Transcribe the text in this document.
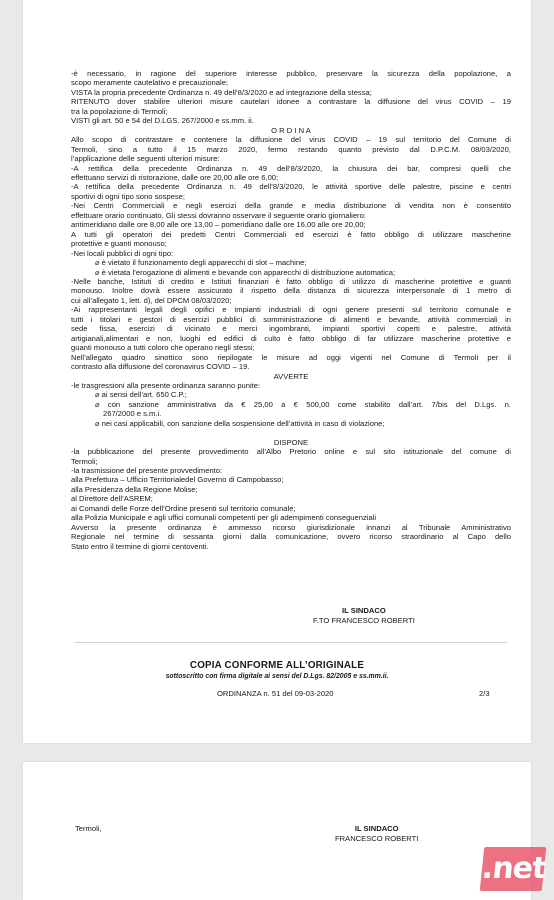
-è necessario, in ragione del superiore interesse pubblico, preservare la sicurezza della popolazione, a
scopo meramente cautelativo e precauzionale;
VISTA la propria precedente Ordinanza n. 49 dell’8/3/2020 e ad integrazione della stessa;
RITENUTO dover stabilire ulteriori misure cautelari idonee a contrastare la diffusione del virus COVID – 19
tra la popolazione di Termoli;
VISTI gli art. 50 e 54 del D.LGS. 267/2000 e ss.mm. ii.
O R D I N A
Allo scopo di contrastare e contenere la diffusione del virus COVID – 19 sul territorio del Comune di
Termoli, sino a tutto il 15 marzo 2020, fermo restando quanto previsto dal D.P.C.M. 08/03/2020,
l’applicazione delle seguenti ulteriori misure:
-A rettifica della precedente Ordinanza n. 49 dell’8/3/2020, la chiusura dei bar, compresi quelli che
effettuano servizi di ristorazione, dalle ore 20,00 alle ore 6,00;
-A rettifica della precedente Ordinanza n. 49 dell’8/3/2020, le attività sportive delle palestre, piscine e centri
sportivi di ogni tipo sono sospese;
-Nei Centri Commerciali e negli esercizi della grande e media distribuzione di vendita non è consentito
effettuare orario continuato. Gli stessi dovranno osservare il seguente orario giornaliero:
antimeridiano dalle ore 8,00 alle ore 13,00 – pomeridiano dalle ore 16,00 alle ore 20,00;
A tutti gli operatori dei predetti Centri Commerciali ed esercizi è fatto obbligo di utilizzare mascherine
protettive e guanti monouso;
-Nei locali pubblici di ogni tipo:
⌀ è vietato il funzionamento degli apparecchi di slot – machine;
⌀ è vietata l’erogazione di alimenti e bevande con apparecchi di distribuzione automatica;
-Nelle banche, Istituti di credito e Istituti finanziari è fatto obbligo di utilizzo di mascherine protettive e guanti
monouso. Inoltre dovrà essere assicurato il rispetto della distanza di sicurezza interpersonale di 1 metro di
cui all’allegato 1, lett. d), del DPCM 08/03/2020;
-Ai rappresentanti legali degli opifici e impianti industriali di ogni genere presenti sul territorio comunale e
tutti i titolari e gestori di esercizi pubblici di somministrazione di alimenti e bevande, attività commerciali in
sede fissa, esercizi di vicinato e merci ingombranti, impianti sportivi coperti e palestre, attività
artigianali,alimentari e non, luoghi ed edifici di culto è fatto obbligo di far utilizzare mascherine protettive e
guanti monouso a tutti coloro che operano negli stessi;
Nell’allegato quadro sinottico sono riepilogate le misure ad oggi vigenti nel Comune di Termoli per il
contrasto alla diffusione del coronavirus COVID – 19.
AVVERTE
-le trasgressioni alla presente ordinanza saranno punite:
⌀ ai sensi dell’art. 650 C.P.;
⌀ con sanzione amministrativa da € 25,00 a € 500,00 come stabilito dall’art. 7/bis del D.Lgs. n.
267/2000 e s.m.i.
⌀ nei casi applicabili, con sanzione della sospensione dell’attività in caso di violazione;

DISPONE
-la pubblicazione del presente provvedimento all’Albo Pretorio online e sul sito istituzionale del comune di
Termoli;
-la trasmissione del presente provvedimento:
alla Prefettura – Ufficio Territorialedel Governo di Campobasso;
alla Presidenza della Regione Molise;
al Direttore dell’ASREM;
ai Comandi delle Forze dell’Ordine presenti sul territorio comunale;
alla Polizia Municipale e agli uffici comunali competenti per gli adempimenti conseguenziali
Avverso la presente ordinanza è ammesso ricorso giurisdizionale innanzi al Tribunale Amministrativo
Regionale nel termine di sessanta giorni dalla comunicazione, ovvero ricorso straordinario al Capo dello
Stato entro il termine di giorni centoventi.
IL SINDACO
F.TO FRANCESCO ROBERTI
COPIA CONFORME ALL’ORIGINALE
sottoscritto con firma digitale ai sensi del D.Lgs. 82/2005 e ss.mm.ii.
ORDINANZA n. 51 del 09-03-2020	2/3
Termoli,	IL SINDACO
FRANCESCO ROBERTI
.net
